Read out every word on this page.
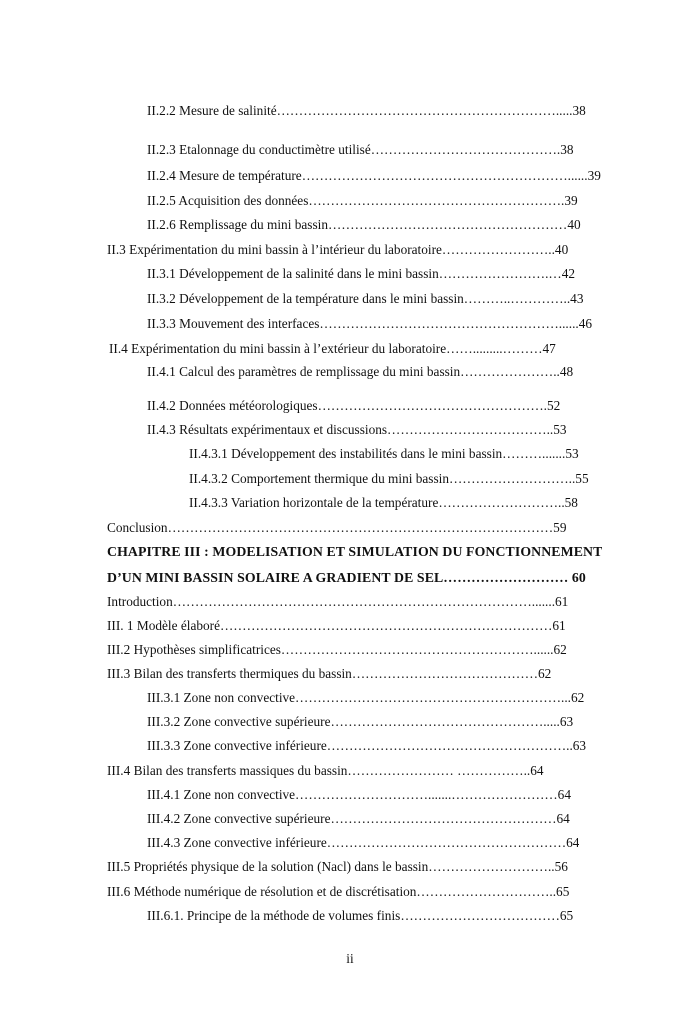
II.2.2 Mesure de salinité……………………………………………………….....38
II.2.3 Etalonnage du conductimètre utilisé…………………………………….38
II.2.4 Mesure de température……………………………………………………......39
II.2.5 Acquisition des données………………………………………………….39
II.2.6 Remplissage du mini bassin………………………………………………40
II.3 Expérimentation du mini bassin à l’intérieur du laboratoire……………………..40
II.3.1 Développement de la salinité dans le mini bassin…………………….…42
II.3.2 Développement de la température dans le mini bassin………..…………..43
II.3.3 Mouvement des interfaces………………………………………………......46
II.4 Expérimentation du mini bassin à l’extérieur du laboratoire…….........………47
II.4.1 Calcul des paramètres de remplissage du mini bassin…………………..48
II.4.2 Données météorologiques…………………………………………….52
II.4.3 Résultats expérimentaux et discussions………………………………..53
II.4.3.1 Développement des instabilités dans le mini bassin……….......53
II.4.3.2 Comportement thermique du mini bassin………………………..55
II.4.3.3 Variation horizontale de la température………………………..58
Conclusion……………………………………………………………………………59
CHAPITRE III : MODELISATION ET SIMULATION DU FONCTIONNEMENT
D’UN MINI BASSIN SOLAIRE A GRADIENT DE SEL……………………… 60
Introduction……………………………………………………………………….......61
III. 1 Modèle élaboré…………………………………………………………………61
III.2 Hypothèses simplificatrices…………………………………………………......62
III.3 Bilan des transferts thermiques du bassin……………………………………62
III.3.1 Zone non convective……………………………………………………...62
III.3.2 Zone convective supérieure………………………………………….....63
III.3.3 Zone convective inférieure………………………………………………..63
III.4 Bilan des transferts massiques du bassin…………………… ……………..64
III.4.1 Zone non convective………………………….......……………………64
III.4.2 Zone convective supérieure……………………………………………64
III.4.3 Zone convective inférieure………………………………………………64
III.5 Propriétés physique de la solution (Nacl) dans le bassin………………………..56
III.6 Méthode numérique de résolution et de discrétisation…………………………..65
III.6.1. Principe de la méthode de volumes finis………………………………65
ii
